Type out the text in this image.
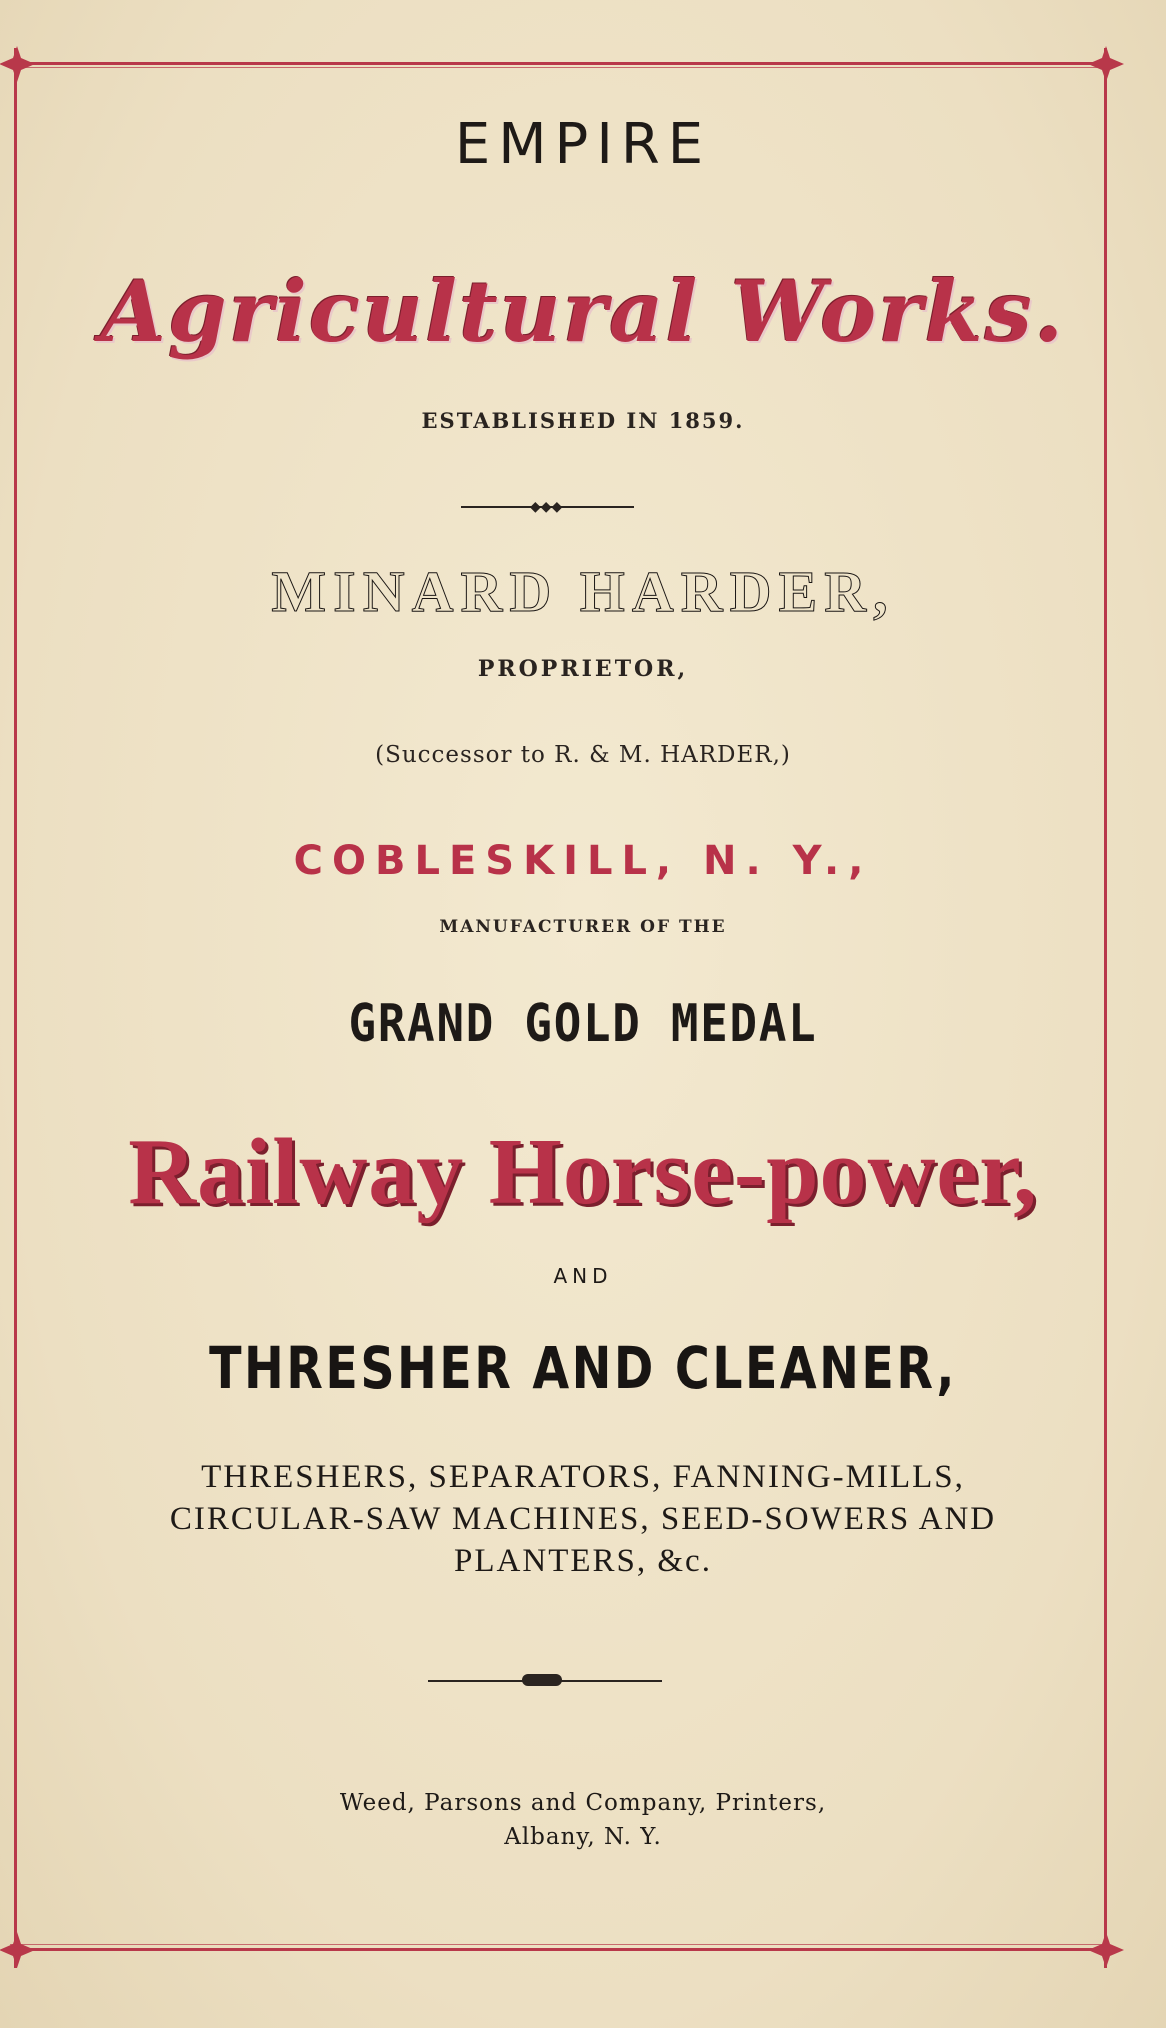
EMPIRE
Agricultural Works.
ESTABLISHED IN 1859.
◆◆◆
MINARD HARDER,
PROPRIETOR,
(Successor to R. & M. HARDER,)
COBLESKILL, N. Y.,
MANUFACTURER OF THE
GRAND GOLD MEDAL
Railway Horse-power,
AND
THRESHER AND CLEANER,
THRESHERS, SEPARATORS, FANNING-MILLS,
CIRCULAR-SAW MACHINES, SEED-SOWERS AND
PLANTERS, &c.
Weed, Parsons and Company, Printers,
Albany, N. Y.
